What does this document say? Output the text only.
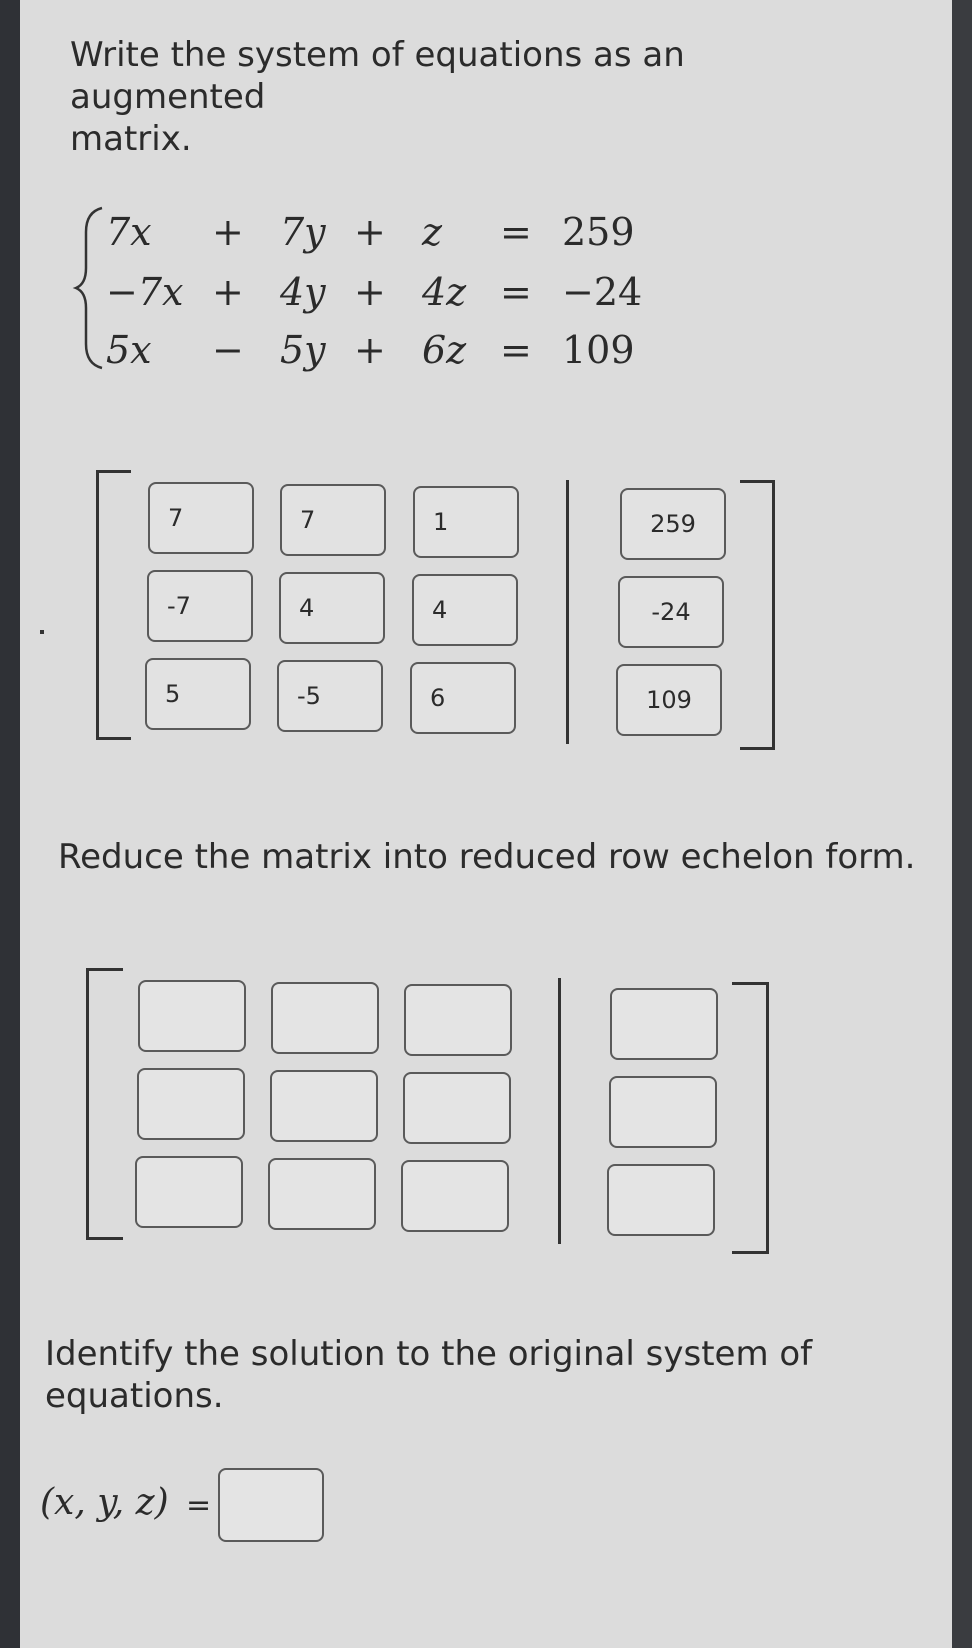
Write the system of equations as an augmented
matrix.
7x + 7y + z = 259
−7x + 4y + 4z = −24
5x − 5y + 6z = 109
7	7	1	259
-7	4	4	-24
5	-5	6	109
Reduce the matrix into reduced row echelon form.
Identify the solution to the original system of
equations.
(x, y, z) =
